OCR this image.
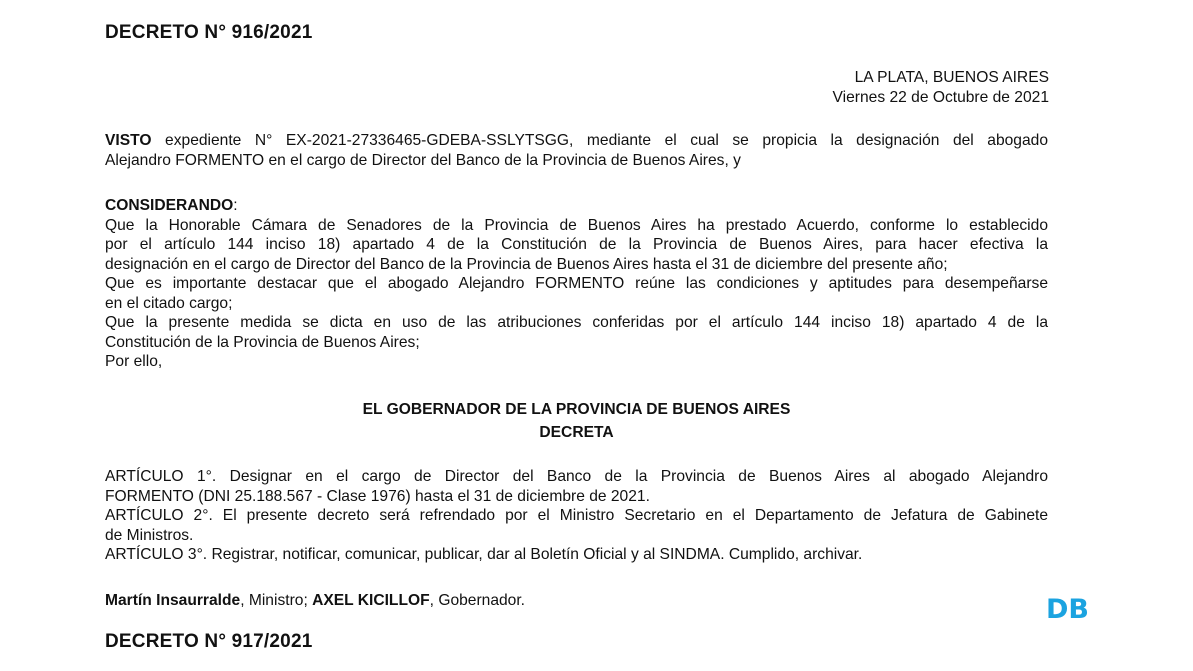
DECRETO N° 916/2021
LA PLATA, BUENOS AIRES
Viernes 22 de Octubre de 2021
VISTO expediente N° EX-2021-27336465-GDEBA-SSLYTSGG, mediante el cual se propicia la designación del abogado
Alejandro FORMENTO en el cargo de Director del Banco de la Provincia de Buenos Aires, y
CONSIDERANDO:
Que la Honorable Cámara de Senadores de la Provincia de Buenos Aires ha prestado Acuerdo, conforme lo establecido
por el artículo 144 inciso 18) apartado 4 de la Constitución de la Provincia de Buenos Aires, para hacer efectiva la
designación en el cargo de Director del Banco de la Provincia de Buenos Aires hasta el 31 de diciembre del presente año;
Que es importante destacar que el abogado Alejandro FORMENTO reúne las condiciones y aptitudes para desempeñarse
en el citado cargo;
Que la presente medida se dicta en uso de las atribuciones conferidas por el artículo 144 inciso 18) apartado 4 de la
Constitución de la Provincia de Buenos Aires;
Por ello,
EL GOBERNADOR DE LA PROVINCIA DE BUENOS AIRES
DECRETA
ARTÍCULO 1°. Designar en el cargo de Director del Banco de la Provincia de Buenos Aires al abogado Alejandro
FORMENTO (DNI 25.188.567 - Clase 1976) hasta el 31 de diciembre de 2021.
ARTÍCULO 2°. El presente decreto será refrendado por el Ministro Secretario en el Departamento de Jefatura de Gabinete
de Ministros.
ARTÍCULO 3°. Registrar, notificar, comunicar, publicar, dar al Boletín Oficial y al SINDMA. Cumplido, archivar.
Martín Insaurralde, Ministro; AXEL KICILLOF, Gobernador.
DECRETO N° 917/2021
DB
